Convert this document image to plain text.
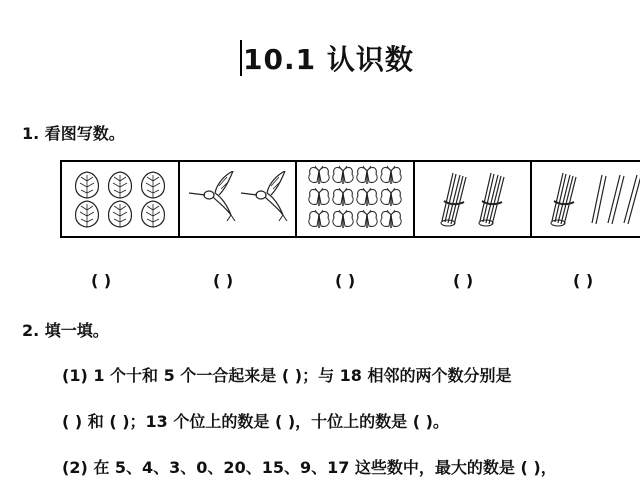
10.1 认识数
1. 看图写数。
( )	( )	( )	( )	( )
2. 填一填。
(1) 1 个十和 5 个一合起来是 ( )；与 18 相邻的两个数分别是
( ) 和 ( )；13 个位上的数是 ( )，十位上的数是 ( )。
(2) 在 5、4、3、0、20、15、9、17 这些数中，最大的数是 ( )，
